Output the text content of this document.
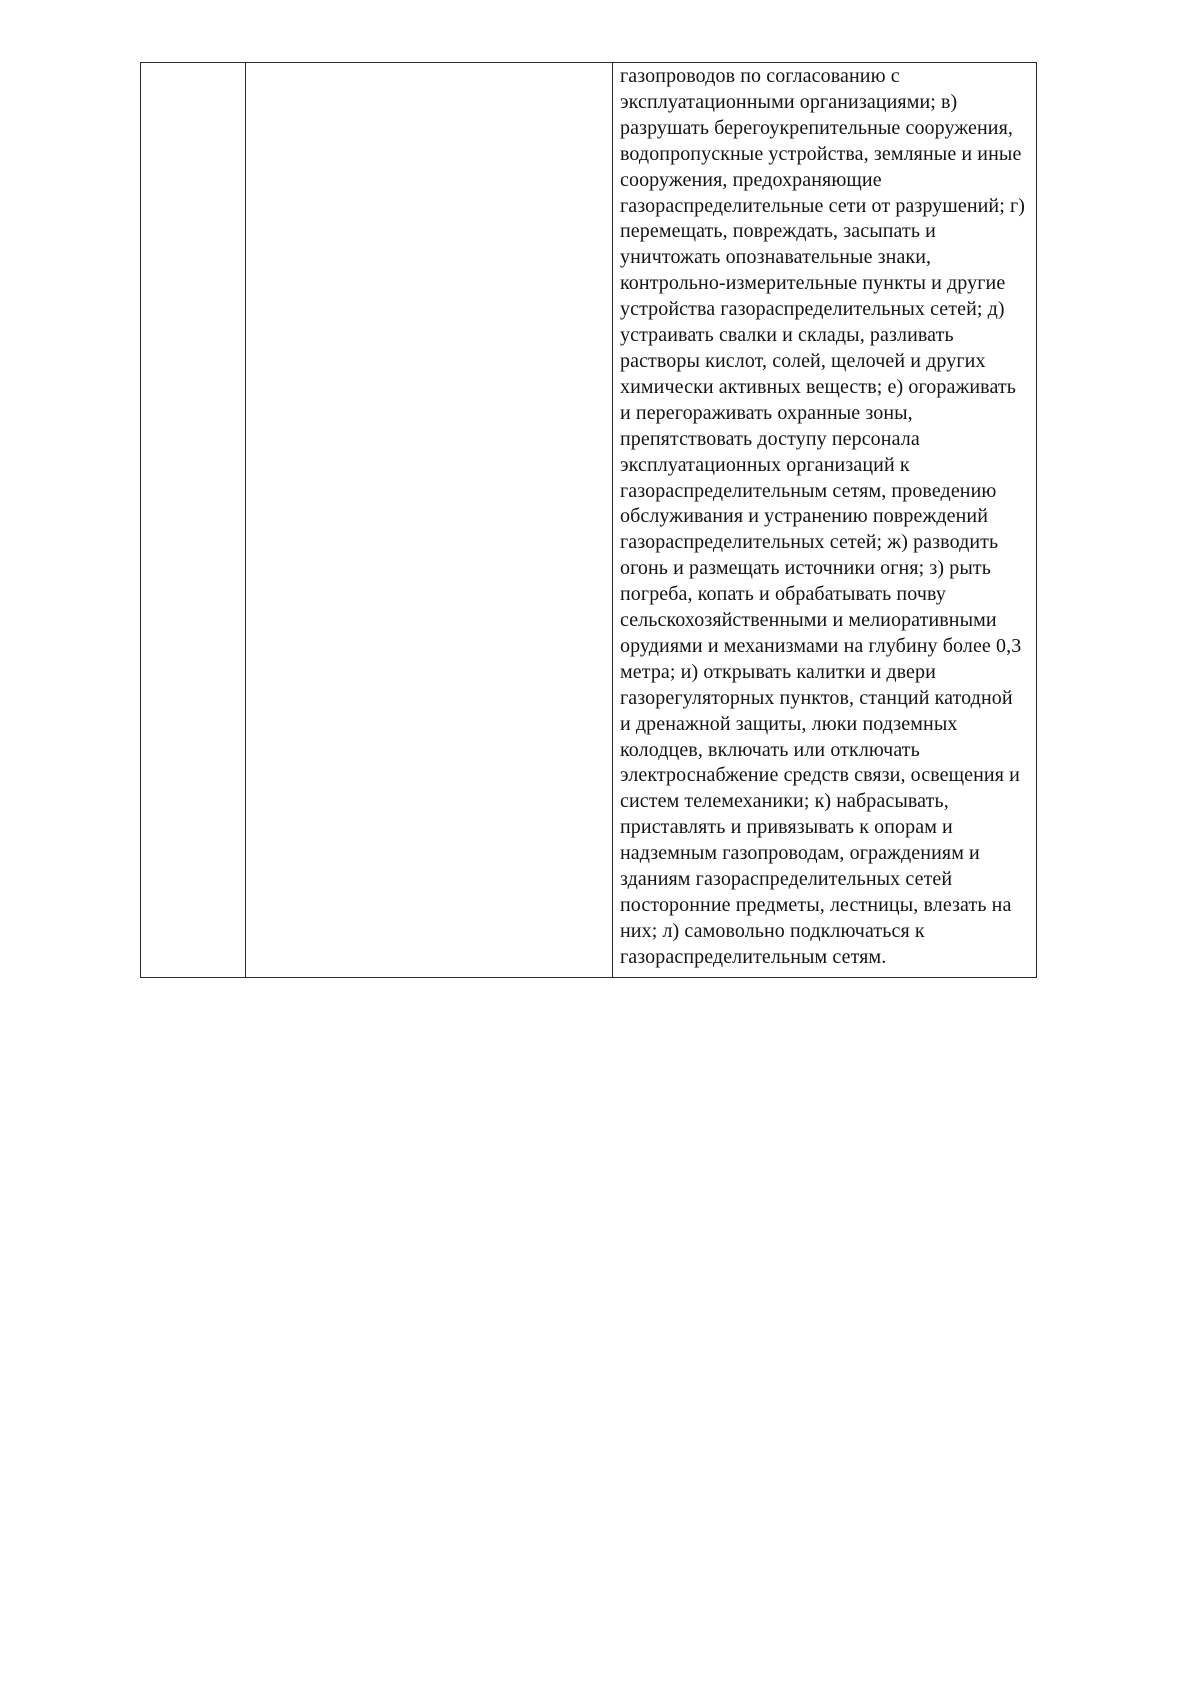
		газопроводов по согласованию с эксплуатационными организациями; в) разрушать берегоукрепительные сооружения, водопропускные устройства, земляные и иные сооружения, предохраняющие газораспределительные сети от разрушений; г) перемещать, повреждать, засыпать и уничтожать опознавательные знаки, контрольно-измерительные пункты и другие устройства газораспределительных сетей; д) устраивать свалки и склады, разливать растворы кислот, солей, щелочей и других химически активных веществ; е) огораживать и перегораживать охранные зоны, препятствовать доступу персонала эксплуатационных организаций к газораспределительным сетям, проведению обслуживания и устранению повреждений газораспределительных сетей; ж) разводить огонь и размещать источники огня; з) рыть погреба, копать и обрабатывать почву сельскохозяйственными и мелиоративными орудиями и механизмами на глубину более 0,3 метра; и) открывать калитки и двери газорегуляторных пунктов, станций катодной и дренажной защиты, люки подземных колодцев, включать или отключать электроснабжение средств связи, освещения и систем телемеханики; к) набрасывать, приставлять и привязывать к опорам и надземным газопроводам, ограждениям и зданиям газораспределительных сетей посторонние предметы, лестницы, влезать на них; л) самовольно подключаться к газораспределительным сетям.
